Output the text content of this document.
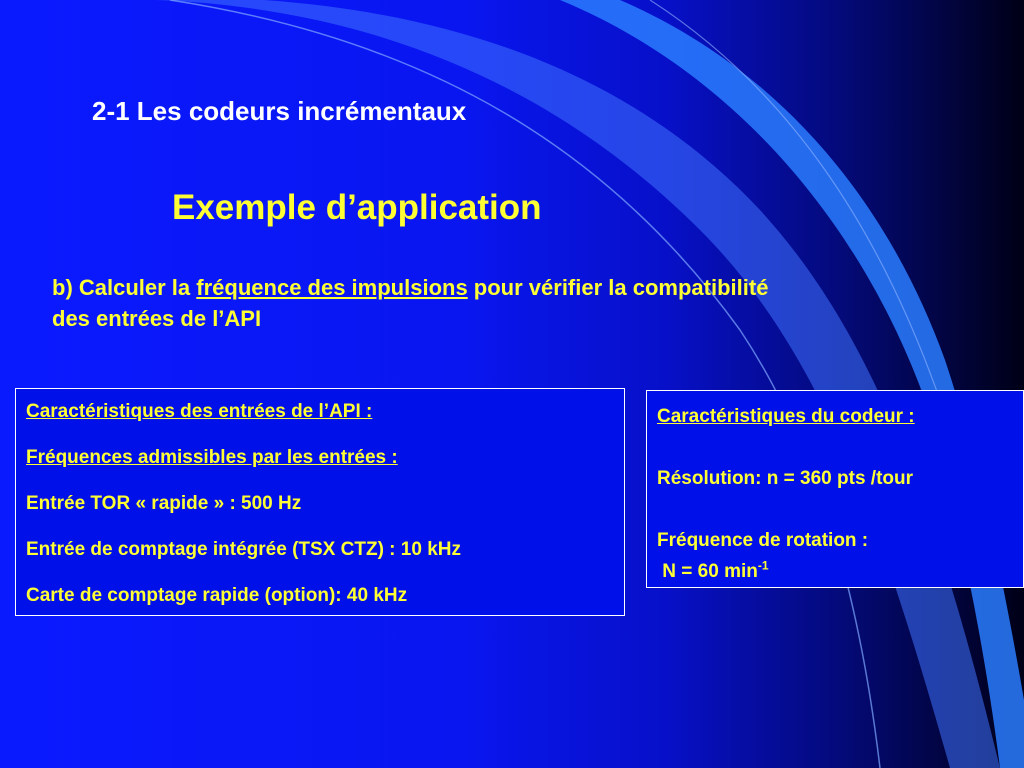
2-1 Les codeurs incrémentaux
Exemple d’application
b) Calculer la fréquence des impulsions pour vérifier la compatibilité
des entrées de l’API
Caractéristiques des entrées de l’API :
Fréquences admissibles par les entrées :
Entrée TOR « rapide » : 500 Hz
Entrée de comptage intégrée (TSX CTZ) : 10 kHz
Carte de comptage rapide (option): 40 kHz
Caractéristiques du codeur :

Résolution: n = 360 pts /tour

Fréquence de rotation :
N = 60 $\min^{-1}$
